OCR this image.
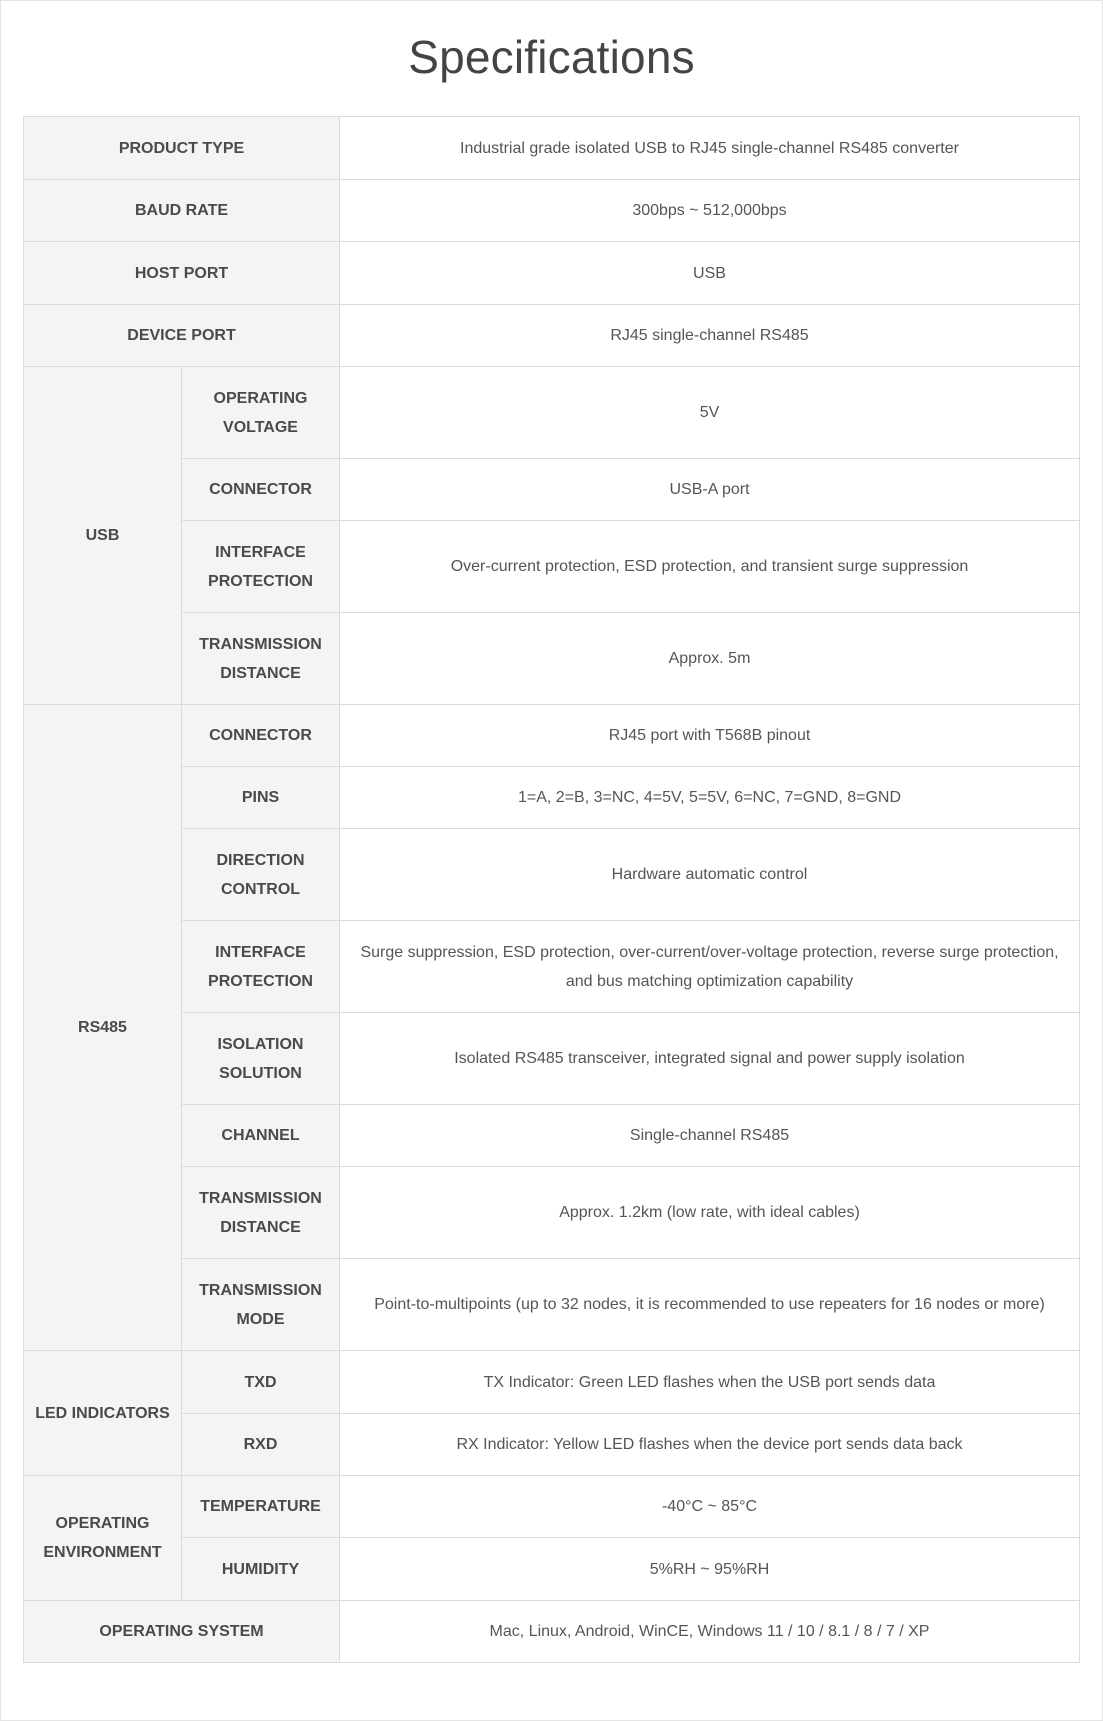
Specifications
PRODUCT TYPE		Industrial grade isolated USB to RJ45 single-channel RS485 converter
BAUD RATE		300bps ~ 512,000bps
HOST PORT		USB
DEVICE PORT		RJ45 single-channel RS485
USB	OPERATING VOLTAGE	5V
	CONNECTOR	USB-A port
	INTERFACE PROTECTION	Over-current protection, ESD protection, and transient surge suppression
	TRANSMISSION DISTANCE	Approx. 5m
RS485	CONNECTOR	RJ45 port with T568B pinout
	PINS	1=A, 2=B, 3=NC, 4=5V, 5=5V, 6=NC, 7=GND, 8=GND
	DIRECTION CONTROL	Hardware automatic control
	INTERFACE PROTECTION	Surge suppression, ESD protection, over-current/over-voltage protection, reverse surge protection, and bus matching optimization capability
	ISOLATION SOLUTION	Isolated RS485 transceiver, integrated signal and power supply isolation
	CHANNEL	Single-channel RS485
	TRANSMISSION DISTANCE	Approx. 1.2km (low rate, with ideal cables)
	TRANSMISSION MODE	Point-to-multipoints (up to 32 nodes, it is recommended to use repeaters for 16 nodes or more)
LED INDICATORS	TXD	TX Indicator: Green LED flashes when the USB port sends data
	RXD	RX Indicator: Yellow LED flashes when the device port sends data back
OPERATING ENVIRONMENT	TEMPERATURE	-40°C ~ 85°C
	HUMIDITY	5%RH ~ 95%RH
OPERATING SYSTEM		Mac, Linux, Android, WinCE, Windows 11 / 10 / 8.1 / 8 / 7 / XP
